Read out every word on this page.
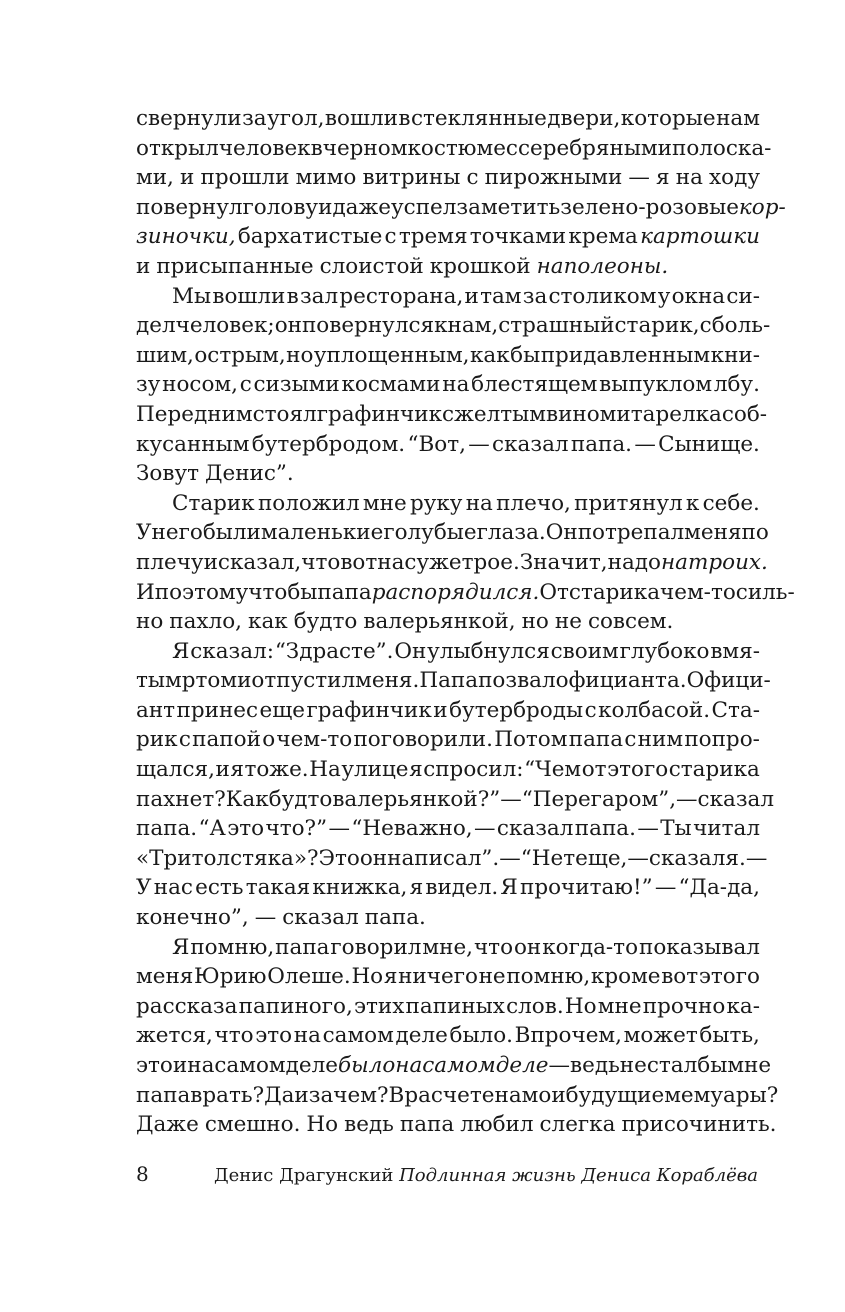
свернули за угол, вошли в стеклянные двери, которые нам
открыл человек в черном костюме с серебряными полоска-
ми, и прошли мимо витрины с пирожными — я на ходу
повернул голову и даже успел заметить зелено-розовые кор-
зиночки, бархатистые с тремя точками крема картошки
и присыпанные слоистой крошкой наполеоны.
Мы вошли в зал ресторана, и там за столиком у окна си-
дел человек; он повернулся к нам, страшный старик, с боль-
шим, острым, но уплощенным, как бы придавленным кни-
зу носом, с сизыми космами на блестящем выпуклом лбу.
Перед ним стоял графинчик с желтым вином и тарелка с об-
кусанным бутербродом. “Вот, — сказал папа. — Сынище.
Зовут Денис”.
Старик положил мне руку на плечо, притянул к себе.
У него были маленькие голубые глаза. Он потрепал меня по
плечу и сказал, что вот нас уже трое. Значит, надо на троих.
И поэтому чтобы папа распорядился. От старика чем-то силь-
но пахло, как будто валерьянкой, но не совсем.
Я сказал: “Здрасте”. Он улыбнулся своим глубоко вмя-
тым ртом и отпустил меня. Папа позвал официанта. Офици-
ант принес еще графинчик и бутерброды с колбасой. Ста-
рик с папой о чем-то поговорили. Потом папа с ним попро-
щался, и я тоже. На улице я спросил: “Чем от этого старика
пахнет? Как будто валерьянкой?” — “Перегаром”, — сказал
папа. “А это что?” — “Неважно, — сказал папа. — Ты читал
«Три толстяка»? Это он написал”. — “Нет еще, — сказал я. —
У нас есть такая книжка, я видел. Я прочитаю!” — “Да-да,
конечно”, — сказал папа.
Я помню, папа говорил мне, что он когда-то показывал
меня Юрию Олеше. Но я ничего не помню, кроме вот этого
рассказа папиного, этих папиных слов. Но мне прочно ка-
жется, что это на самом деле было. Впрочем, может быть,
это и на самом деле было на самом деле — ведь не стал бы мне
папа врать? Да и зачем? В расчете на мои будущие мемуары?
Даже смешно. Но ведь папа любил слегка присочинить.
8	Денис Драгунский Подлинная жизнь Дениса Кораблёва
